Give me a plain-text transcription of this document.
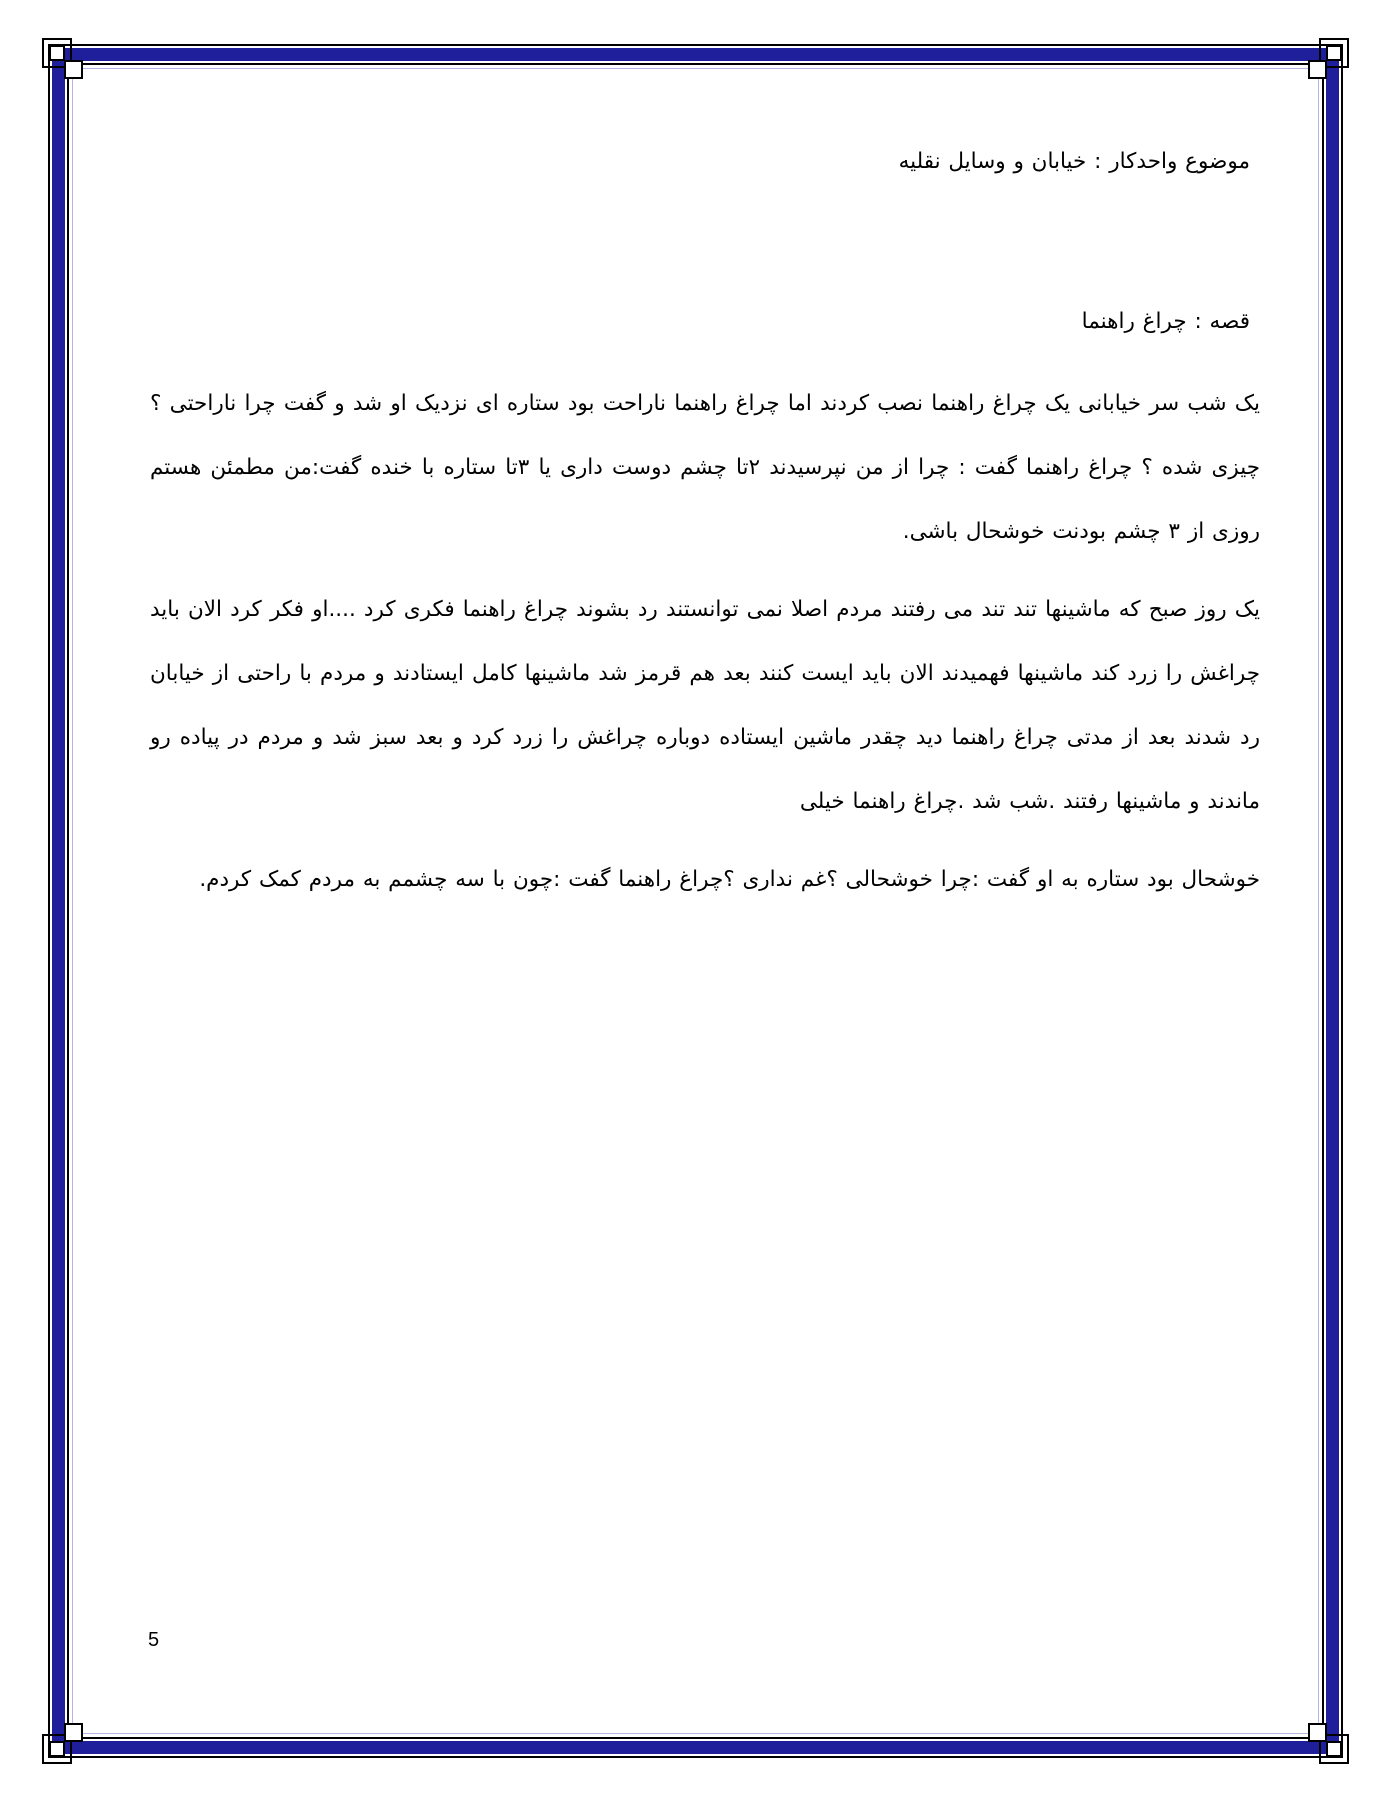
موضوع واحدكار : خيابان و وسايل نقليه

قصه : چراغ راهنما

یک شب سر خیابانی یک چراغ راهنما نصب کردند اما چراغ راهنما ناراحت بود ستاره ای نزدیک او شد و گفت چرا ناراحتی ؟ چیزی شده ؟ چراغ راهنما گفت : چرا از من نپرسیدند ۲تا چشم دوست داری یا ۳تا ستاره با خنده گفت:من مطمئن هستم روزی از ۳ چشم بودنت خوشحال باشی.

یک روز صبح که ماشینها تند تند می رفتند مردم اصلا نمی توانستند رد بشوند چراغ راهنما فکری کرد ....او فکر کرد الان باید چراغش را زرد کند ماشینها فهمیدند الان باید ایست کنند بعد هم قرمز شد ماشینها کامل ایستادند و مردم با راحتی از خیابان رد شدند بعد از مدتی چراغ راهنما دید چقدر ماشین ایستاده دوباره چراغش را زرد کرد و بعد سبز شد و مردم در پیاده رو ماندند و ماشینها رفتند .شب شد .چراغ راهنما خیلی

خوشحال بود ستاره به او گفت :چرا خوشحالی ؟غم نداری ؟چراغ راهنما گفت :چون با سه چشمم به مردم کمک کردم.

5
